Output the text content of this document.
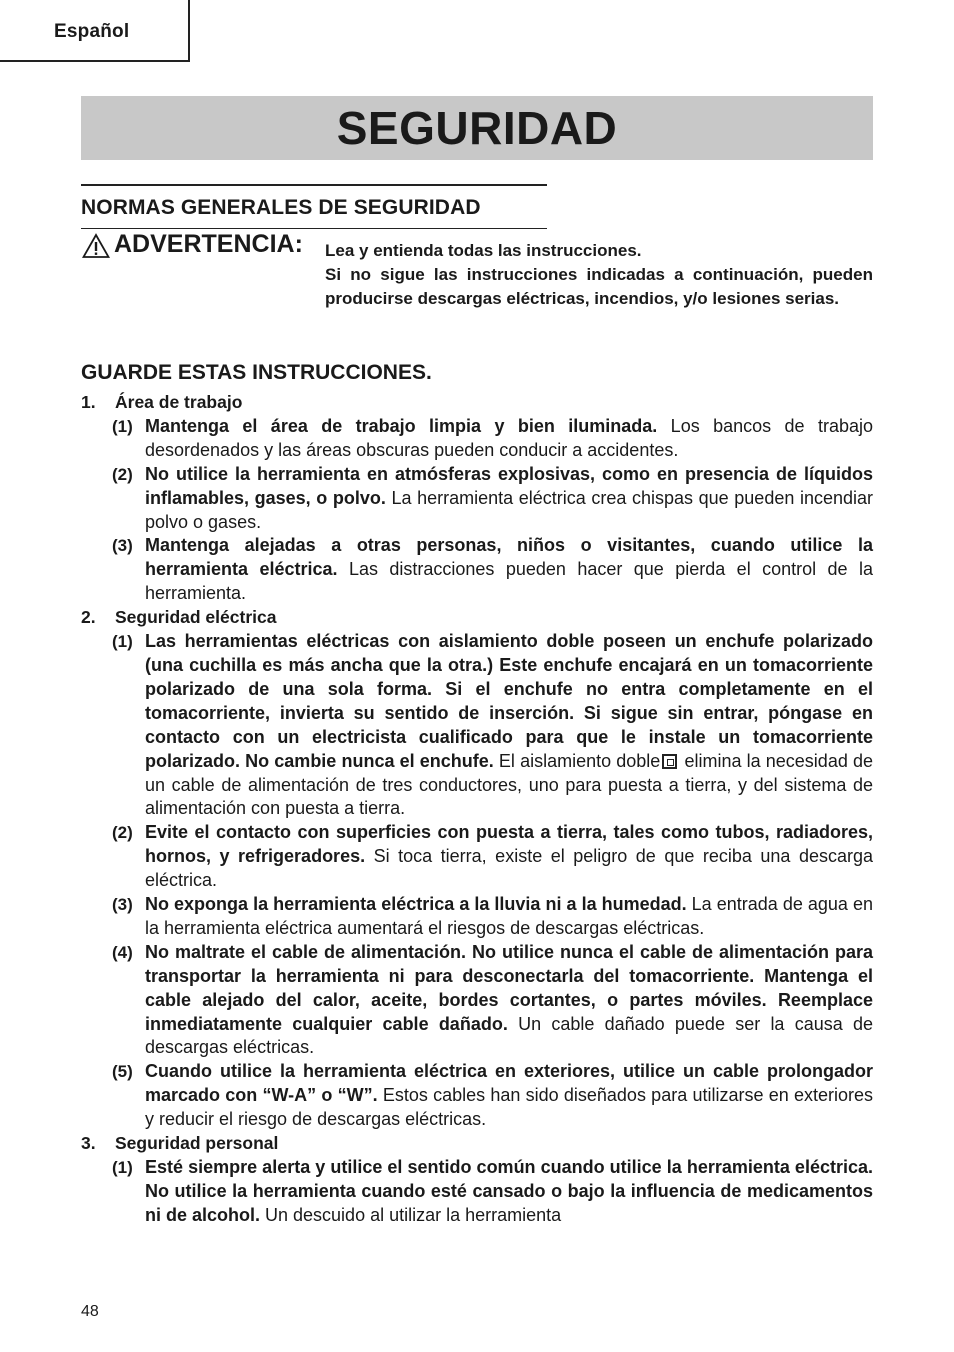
Español
SEGURIDAD
NORMAS GENERALES DE SEGURIDAD
ADVERTENCIA: Lea y entienda todas las instrucciones.

Si no sigue las instrucciones indicadas a continuación, pueden producirse descargas eléctricas, incendios, y/o lesiones serias.

GUARDE ESTAS INSTRUCCIONES.

1. Área de trabajo

(1) Mantenga el área de trabajo limpia y bien iluminada. Los bancos de trabajo desordenados y las áreas obscuras pueden conducir a accidentes.

(2) No utilice la herramienta en atmósferas explosivas, como en presencia de líquidos inflamables, gases, o polvo. La herramienta eléctrica crea chispas que pueden incendiar polvo o gases.

(3) Mantenga alejadas a otras personas, niños o visitantes, cuando utilice la herramienta eléctrica. Las distracciones pueden hacer que pierda el control de la herramienta.

2. Seguridad eléctrica

(1) Las herramientas eléctricas con aislamiento doble poseen un enchufe polarizado (una cuchilla es más ancha que la otra.) Este enchufe encajará en un tomacorriente polarizado de una sola forma. Si el enchufe no entra completamente en el tomacorriente, invierta su sentido de inserción. Si sigue sin entrar, póngase en contacto con un electricista cualificado para que le instale un tomacorriente polarizado. No cambie nunca el enchufe. El aislamiento doble elimina la necesidad de un cable de alimentación de tres conductores, uno para puesta a tierra, y del sistema de alimentación con puesta a tierra.

(2) Evite el contacto con superficies con puesta a tierra, tales como tubos, radiadores, hornos, y refrigeradores. Si toca tierra, existe el peligro de que reciba una descarga eléctrica.

(3) No exponga la herramienta eléctrica a la lluvia ni a la humedad. La entrada de agua en la herramienta eléctrica aumentará el riesgos de descargas eléctricas.

(4) No maltrate el cable de alimentación. No utilice nunca el cable de alimentación para transportar la herramienta ni para desconectarla del tomacorriente. Mantenga el cable alejado del calor, aceite, bordes cortantes, o partes móviles. Reemplace inmediatamente cualquier cable dañado. Un cable dañado puede ser la causa de descargas eléctricas.

(5) Cuando utilice la herramienta eléctrica en exteriores, utilice un cable prolongador marcado con “W-A” o “W”. Estos cables han sido diseñados para utilizarse en exteriores y reducir el riesgo de descargas eléctricas.

3. Seguridad personal

(1) Esté siempre alerta y utilice el sentido común cuando utilice la herramienta eléctrica. No utilice la herramienta cuando esté cansado o bajo la influencia de medicamentos ni de alcohol. Un descuido al utilizar la herramienta

48
